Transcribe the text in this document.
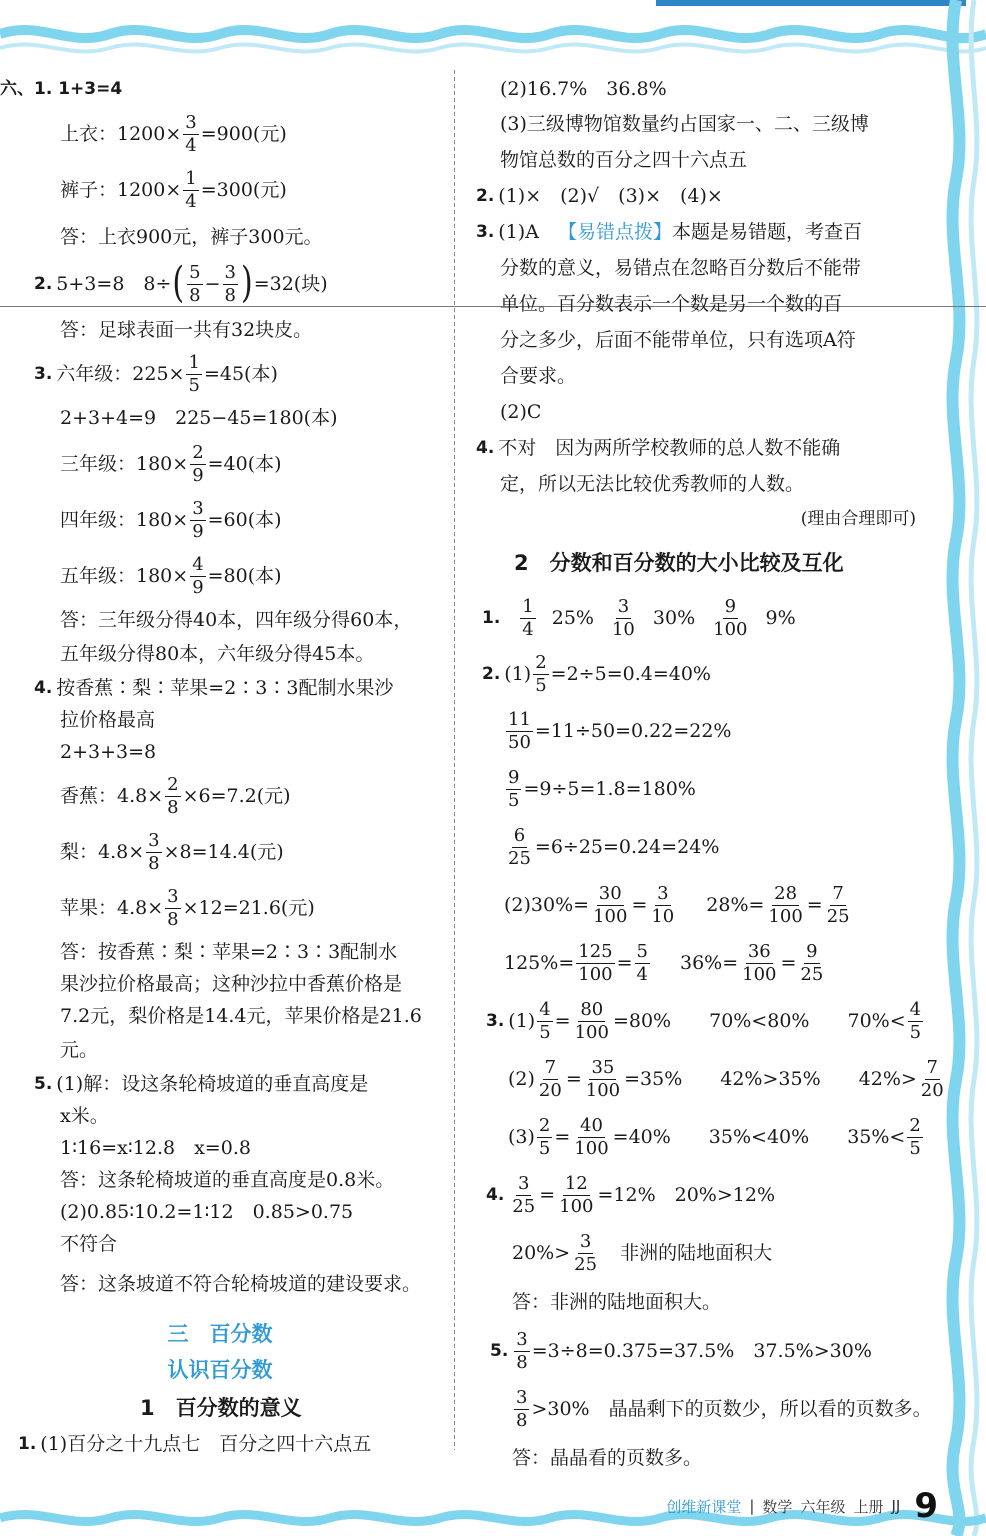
六、1. 1+3=4
上衣：$1200\times \frac{3}{4} =900$(元)
裤子：$1200\times \frac{1}{4} =300$(元)
答：上衣900元，裤子300元。
2. 5+3=8　8÷ ( $\frac{5}{8} - \frac{3}{8}$ ) =32(块)
答：足球表面一共有32块皮。
3. 六年级：$225\times \frac{1}{5} =45$(本)
2+3+4=9　225−45=180(本)
三年级：$180\times \frac{2}{9} =40$(本)
四年级：$180\times \frac{3}{9} =60$(本)
五年级：$180\times \frac{4}{9} =80$(本)
答：三年级分得40本，四年级分得60本，
五年级分得80本，六年级分得45本。
4. 按香蕉∶梨∶苹果=2∶3∶3配制水果沙
拉价格最高
2+3+3=8
香蕉：$4.8\times \frac{2}{8} \times 6=7.2$(元)
梨：$4.8\times \frac{3}{8} \times 8=14.4$(元)
苹果：$4.8\times \frac{3}{8} \times 12=21.6$(元)
答：按香蕉∶梨∶苹果=2∶3∶3配制水
果沙拉价格最高；这种沙拉中香蕉价格是
7.2元，梨价格是14.4元，苹果价格是21.6
元。
5. (1)解：设这条轮椅坡道的垂直高度是
x米。
1∶16=x∶12.8　x=0.8
答：这条轮椅坡道的垂直高度是0.8米。
(2)0.85∶10.2=1∶12　0.85>0.75
不符合
答：这条坡道不符合轮椅坡道的建设要求。
三　百分数
认识百分数
1　百分数的意义
1. (1)百分之十九点七　百分之四十六点五
(2)16.7%　36.8%
(3)三级博物馆数量约占国家一、二、三级博
物馆总数的百分之四十六点五
2. (1)×　(2)√　(3)×　(4)×
3. (1)A　 【易错点拨】 本题是易错题，考查百
分数的意义，易错点在忽略百分数后不能带
单位。百分数表示一个数是另一个数的百
分之多少，后面不能带单位，只有选项A符
合要求。
(2)C
4. 不对　因为两所学校教师的总人数不能确
定，所以无法比较优秀教师的人数。
(理由合理即可)
2　分数和百分数的大小比较及互化
1. $\frac{1}{4} 25\% \frac{3}{10} 30\% \frac{9}{100} 9\%$
2. $(1) \frac{2}{5} =2\div 5=0.4=40\%$
$\frac{11}{50} =11\div 50=0.22=22\%$
$\frac{9}{5} =9\div 5=1.8=180\%$
$\frac{6}{25} =6\div 25=0.24=24\%$
$(2)30\%= \frac{30}{100} = \frac{3}{10} 28\%= \frac{28}{100} = \frac{7}{25}$
$125\%= \frac{125}{100} = \frac{5}{4} 36\%= \frac{36}{100} = \frac{9}{25}$
3. $(1) \frac{4}{5} = \frac{80}{100} =80\%$　　70%<80%　　$70\%< \frac{4}{5}$
$(2) \frac{7}{20} = \frac{35}{100} =35\%$　　42%>35%　　$42\%> \frac{7}{20}$
$(3) \frac{2}{5} = \frac{40}{100} =40\%$　　35%<40%　　$35\%< \frac{2}{5}$
4. $\frac{3}{25} = \frac{12}{100} =12\%$　20%>12%
$20\%> \frac{3}{25}$ 　非洲的陆地面积大
答：非洲的陆地面积大。
5. $\frac{3}{8} =3\div 8=0.375=37.5\%$　37.5%>30%
$\frac{3}{8} >30\%$　晶晶剩下的页数少，所以看的页数多。
答：晶晶看的页数多。
创维新课堂 | 数学 六年级 上册 JJ 9
